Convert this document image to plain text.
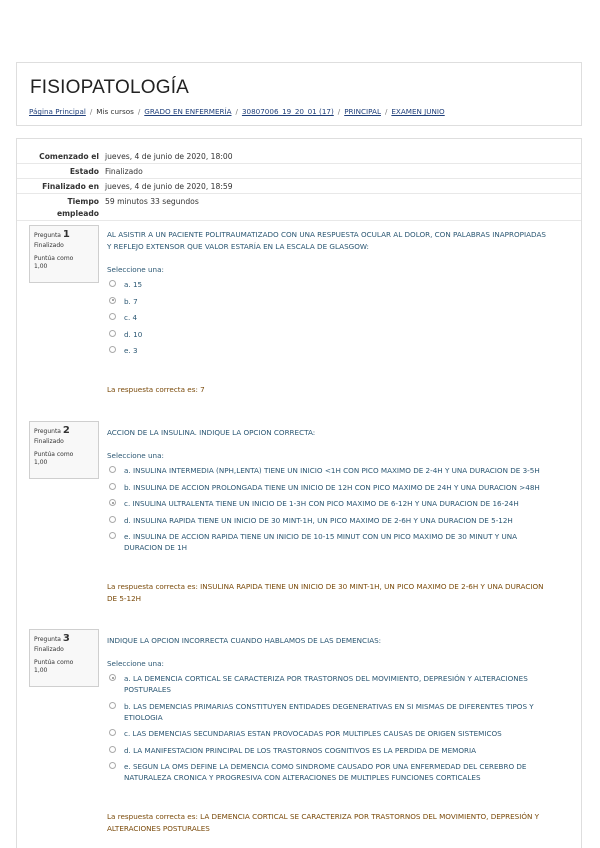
FISIOPATOLOGÍA
Página Principal / Mis cursos / GRADO EN ENFERMERÍA / 30807006_19_20_01 (17) / PRINCIPAL / EXAMEN JUNIO
Comenzado el jueves, 4 de junio de 2020, 18:00
Estado Finalizado
Finalizado en jueves, 4 de junio de 2020, 18:59
Tiempo
empleado
59 minutos 33 segundos
Pregunta 1
Finalizado
Puntúa como
1,00
AL ASISTIR A UN PACIENTE POLITRAUMATIZADO CON UNA RESPUESTA OCULAR AL DOLOR, CON PALABRAS INAPROPIADAS Y REFLEJO EXTENSOR QUE VALOR ESTARÍA EN LA ESCALA DE GLASGOW:
Seleccione una:
a. 15
b. 7
c. 4
d. 10
e. 3
La respuesta correcta es: 7
Pregunta 2
Finalizado
Puntúa como
1,00
ACCION DE LA INSULINA. INDIQUE LA OPCION CORRECTA:
Seleccione una:
a. INSULINA INTERMEDIA (NPH,LENTA) TIENE UN INICIO <1H CON PICO MAXIMO DE 2-4H Y UNA DURACION DE 3-5H
b. INSULINA DE ACCION PROLONGADA TIENE UN INICIO DE 12H CON PICO MAXIMO DE 24H Y UNA DURACION >48H
c. INSULINA ULTRALENTA TIENE UN INICIO DE 1-3H CON PICO MAXIMO DE 6-12H Y UNA DURACION DE 16-24H
d. INSULINA RAPIDA TIENE UN INICIO DE 30 MINT-1H, UN PICO MAXIMO DE 2-6H Y UNA DURACION DE 5-12H
e. INSULINA DE ACCION RAPIDA TIENE UN INICIO DE 10-15 MINUT CON UN PICO MAXIMO DE 30 MINUT Y UNA DURACION DE 1H
La respuesta correcta es: INSULINA RAPIDA TIENE UN INICIO DE 30 MINT-1H, UN PICO MAXIMO DE 2-6H Y UNA DURACION DE 5-12H
Pregunta 3
Finalizado
Puntúa como
1,00
INDIQUE LA OPCION INCORRECTA CUANDO HABLAMOS DE LAS DEMENCIAS:
Seleccione una:
a. LA DEMENCIA CORTICAL SE CARACTERIZA POR TRASTORNOS DEL MOVIMIENTO, DEPRESIÓN Y ALTERACIONES POSTURALES
b. LAS DEMENCIAS PRIMARIAS CONSTITUYEN ENTIDADES DEGENERATIVAS EN SI MISMAS DE DIFERENTES TIPOS Y ETIOLOGIA
c. LAS DEMENCIAS SECUNDARIAS ESTAN PROVOCADAS POR MULTIPLES CAUSAS DE ORIGEN SISTEMICOS
d. LA MANIFESTACION PRINCIPAL DE LOS TRASTORNOS COGNITIVOS ES LA PERDIDA DE MEMORIA
e. SEGUN LA OMS DEFINE LA DEMENCIA COMO SINDROME CAUSADO POR UNA ENFERMEDAD DEL CEREBRO DE NATURALEZA CRONICA Y PROGRESIVA CON ALTERACIONES DE MULTIPLES FUNCIONES CORTICALES
La respuesta correcta es: LA DEMENCIA CORTICAL SE CARACTERIZA POR TRASTORNOS DEL MOVIMIENTO, DEPRESIÓN Y ALTERACIONES POSTURALES
